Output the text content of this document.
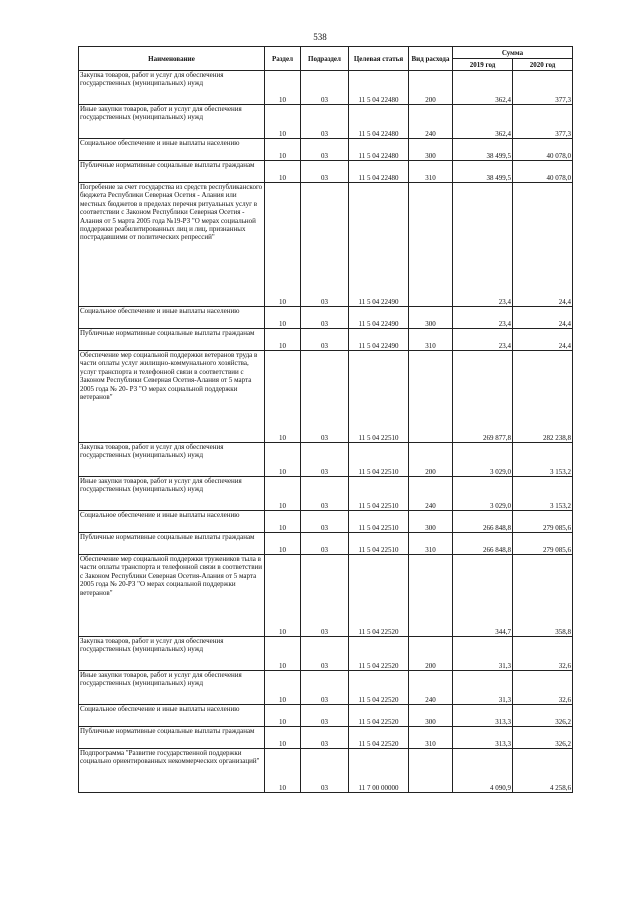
538
Наименование	Раздел	Подраздел	Целевая статья	Вид расхода	Сумма	
					2019 год	2020 год
Закупка товаров, работ и услуг для обеспечения государственных (муниципальных) нужд	10	03	11 5 04 22480	200	362,4	377,3
Иные закупки товаров, работ и услуг для обеспечения государственных (муниципальных) нужд	10	03	11 5 04 22480	240	362,4	377,3
Социальное обеспечение и иные выплаты населению	10	03	11 5 04 22480	300	38 499,5	40 078,0
Публичные нормативные социальные выплаты гражданам	10	03	11 5 04 22480	310	38 499,5	40 078,0
Погребение за счет государства из средств республиканского бюджета Республики Северная Осетия - Алания или местных бюджетов в пределах перечня ритуальных услуг в соответствии с Законом Республики Северная Осетия - Алания от 5 марта 2005 года №19-РЗ "О мерах социальной поддержки реабилитированных лиц и лиц, признанных пострадавшими от политических репрессий"	10	03	11 5 04 22490		23,4	24,4
Социальное обеспечение и иные выплаты населению	10	03	11 5 04 22490	300	23,4	24,4
Публичные нормативные социальные выплаты гражданам	10	03	11 5 04 22490	310	23,4	24,4
Обеспечение мер социальной поддержки ветеранов труда в части оплаты услуг жилищно-коммунального хозяйства, услуг транспорта и телефонной связи в соответствии с Законом Республики Северная Осетия-Алания от 5 марта 2005 года № 20- РЗ "О мерах социальной поддержки ветеранов"	10	03	11 5 04 22510		269 877,8	282 238,8
Закупка товаров, работ и услуг для обеспечения государственных (муниципальных) нужд	10	03	11 5 04 22510	200	3 029,0	3 153,2
Иные закупки товаров, работ и услуг для обеспечения государственных (муниципальных) нужд	10	03	11 5 04 22510	240	3 029,0	3 153,2
Социальное обеспечение и иные выплаты населению	10	03	11 5 04 22510	300	266 848,8	279 085,6
Публичные нормативные социальные выплаты гражданам	10	03	11 5 04 22510	310	266 848,8	279 085,6
Обеспечение мер социальной поддержки тружеников тыла в части оплаты транспорта и телефонной связи в соответствии с Законом Республики Северная Осетия-Алания от 5 марта 2005 года № 20-РЗ "О мерах социальной поддержки ветеранов"	10	03	11 5 04 22520		344,7	358,8
Закупка товаров, работ и услуг для обеспечения государственных (муниципальных) нужд	10	03	11 5 04 22520	200	31,3	32,6
Иные закупки товаров, работ и услуг для обеспечения государственных (муниципальных) нужд	10	03	11 5 04 22520	240	31,3	32,6
Социальное обеспечение и иные выплаты населению	10	03	11 5 04 22520	300	313,3	326,2
Публичные нормативные социальные выплаты гражданам	10	03	11 5 04 22520	310	313,3	326,2
Подпрограмма "Развитие государственной поддержки социально ориентированных некоммерческих организаций"	10	03	11 7 00 00000		4 090,9	4 258,6
